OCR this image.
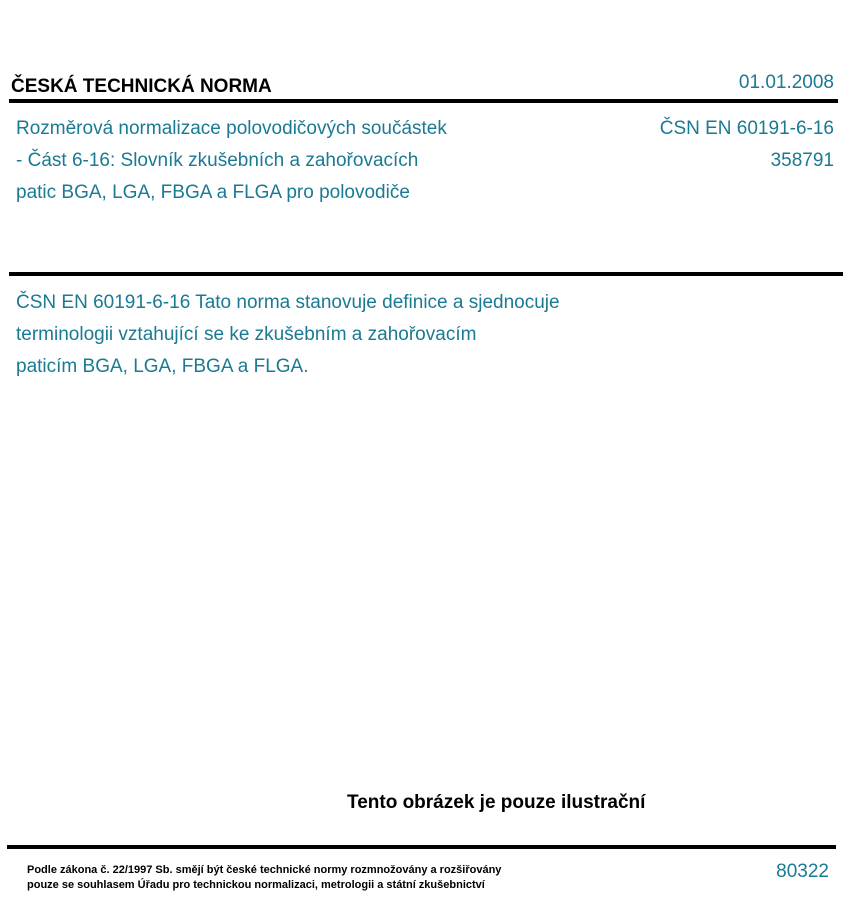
ČESKÁ TECHNICKÁ NORMA	01.01.2008
Rozměrová normalizace polovodičových součástek
- Část 6-16: Slovník zkušebních a zahořovacích
patic BGA, LGA, FBGA a FLGA pro polovodiče
ČSN EN 60191-6-16
358791
ČSN EN 60191-6-16 Tato norma stanovuje definice a sjednocuje
terminologii vztahující se ke zkušebním a zahořovacím
paticím BGA, LGA, FBGA a FLGA.
Tento obrázek je pouze ilustrační
Podle zákona č. 22/1997 Sb. smějí být české technické normy rozmnožovány a rozšiřovány
pouze se souhlasem Úřadu pro technickou normalizaci, metrologii a státní zkušebnictví
80322
